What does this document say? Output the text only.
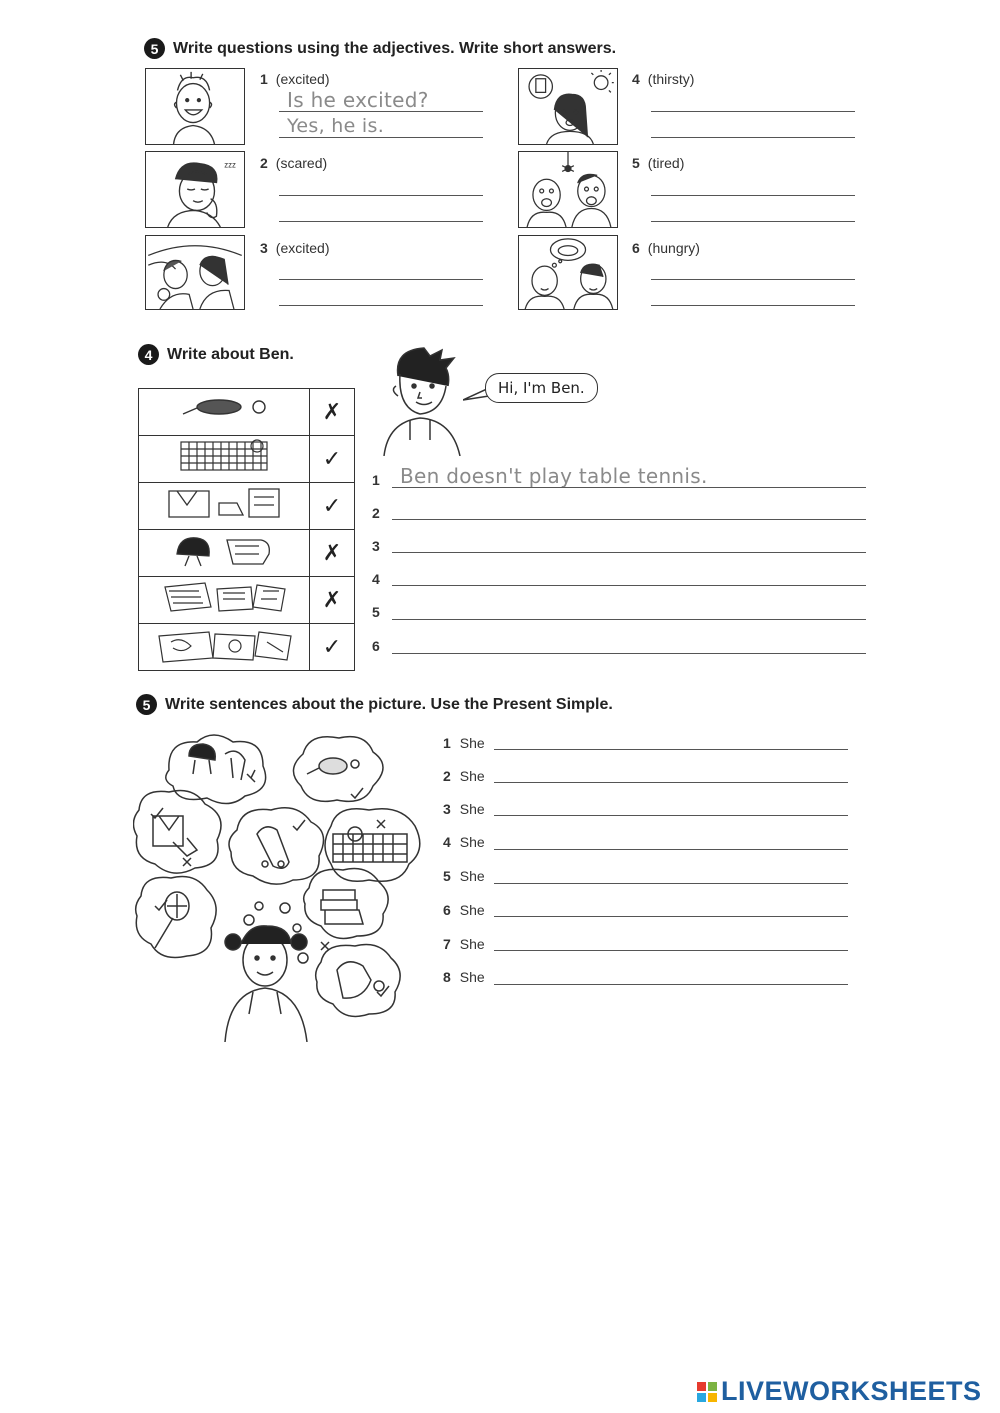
5 Write questions using the adjectives. Write short answers.
1 (excited)
Is he excited?
Yes, he is.
zzz 2 (scared)
3 (excited)
4 (thirsty)
5 (tired)
6 (hungry)
4 Write about Ben.
	✗
	✓
	✓
	✗
	✗
	✓
Hi, I'm Ben.
1 Ben doesn't play table tennis.
2
3
4
5
6
5 Write sentences about the picture. Use the Present Simple.
1 She
2 She
3 She
4 She
5 She
6 She
7 She
8 She
LIVEWORKSHEETS
